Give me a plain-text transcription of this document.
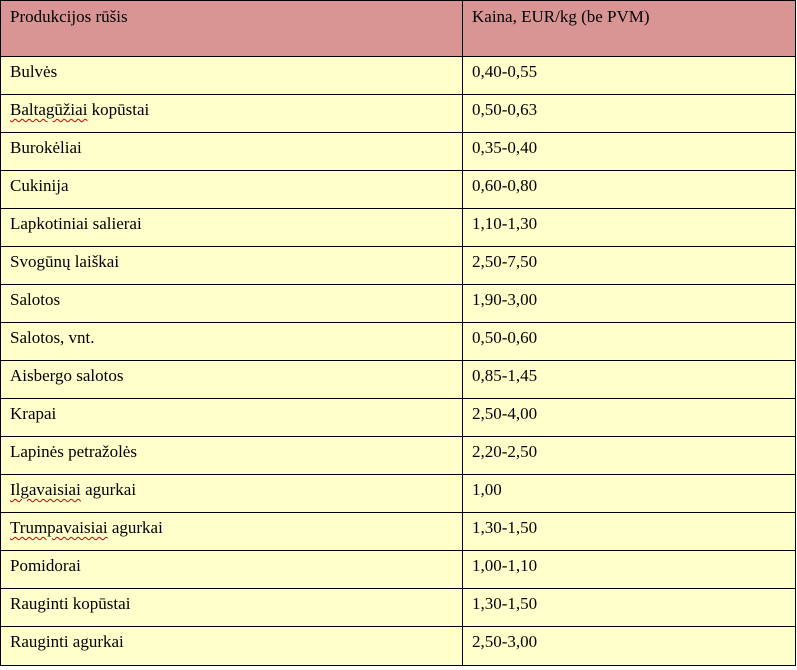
Produkcijos rūšis	Kaina, EUR/kg (be PVM)
Bulvės	0,40-0,55
Baltagūžiai kopūstai	0,50-0,63
Burokėliai	0,35-0,40
Cukinija	0,60-0,80
Lapkotiniai salierai	1,10-1,30
Svogūnų laiškai	2,50-7,50
Salotos	1,90-3,00
Salotos, vnt.	0,50-0,60
Aisbergo salotos	0,85-1,45
Krapai	2,50-4,00
Lapinės petražolės	2,20-2,50
Ilgavaisiai agurkai	1,00
Trumpavaisiai agurkai	1,30-1,50
Pomidorai	1,00-1,10
Rauginti kopūstai	1,30-1,50
Rauginti agurkai	2,50-3,00
